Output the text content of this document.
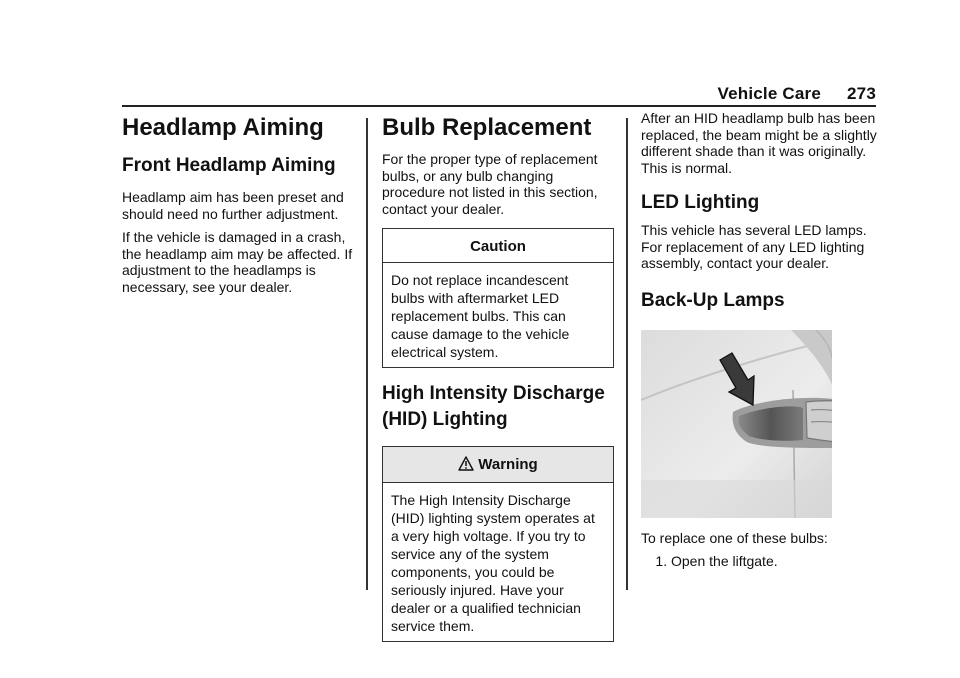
Vehicle Care 273
Headlamp Aiming
Front Headlamp Aiming

Headlamp aim has been preset and should need no further adjustment.

If the vehicle is damaged in a crash, the headlamp aim may be affected. If adjustment to the headlamps is necessary, see your dealer.

Bulb Replacement

For the proper type of replacement bulbs, or any bulb changing procedure not listed in this section, contact your dealer.

Caution
Do not replace incandescent bulbs with aftermarket LED replacement bulbs. This can cause damage to the vehicle electrical system.
High Intensity Discharge (HID) Lighting
Warning
The High Intensity Discharge (HID) lighting system operates at a very high voltage. If you try to service any of the system components, you could be seriously injured. Have your dealer or a qualified technician service them.

After an HID headlamp bulb has been replaced, the beam might be a slightly different shade than it was originally. This is normal.

LED Lighting

This vehicle has several LED lamps. For replacement of any LED lighting assembly, contact your dealer.

Back-Up Lamps

To replace one of these bulbs:

1. Open the liftgate.
